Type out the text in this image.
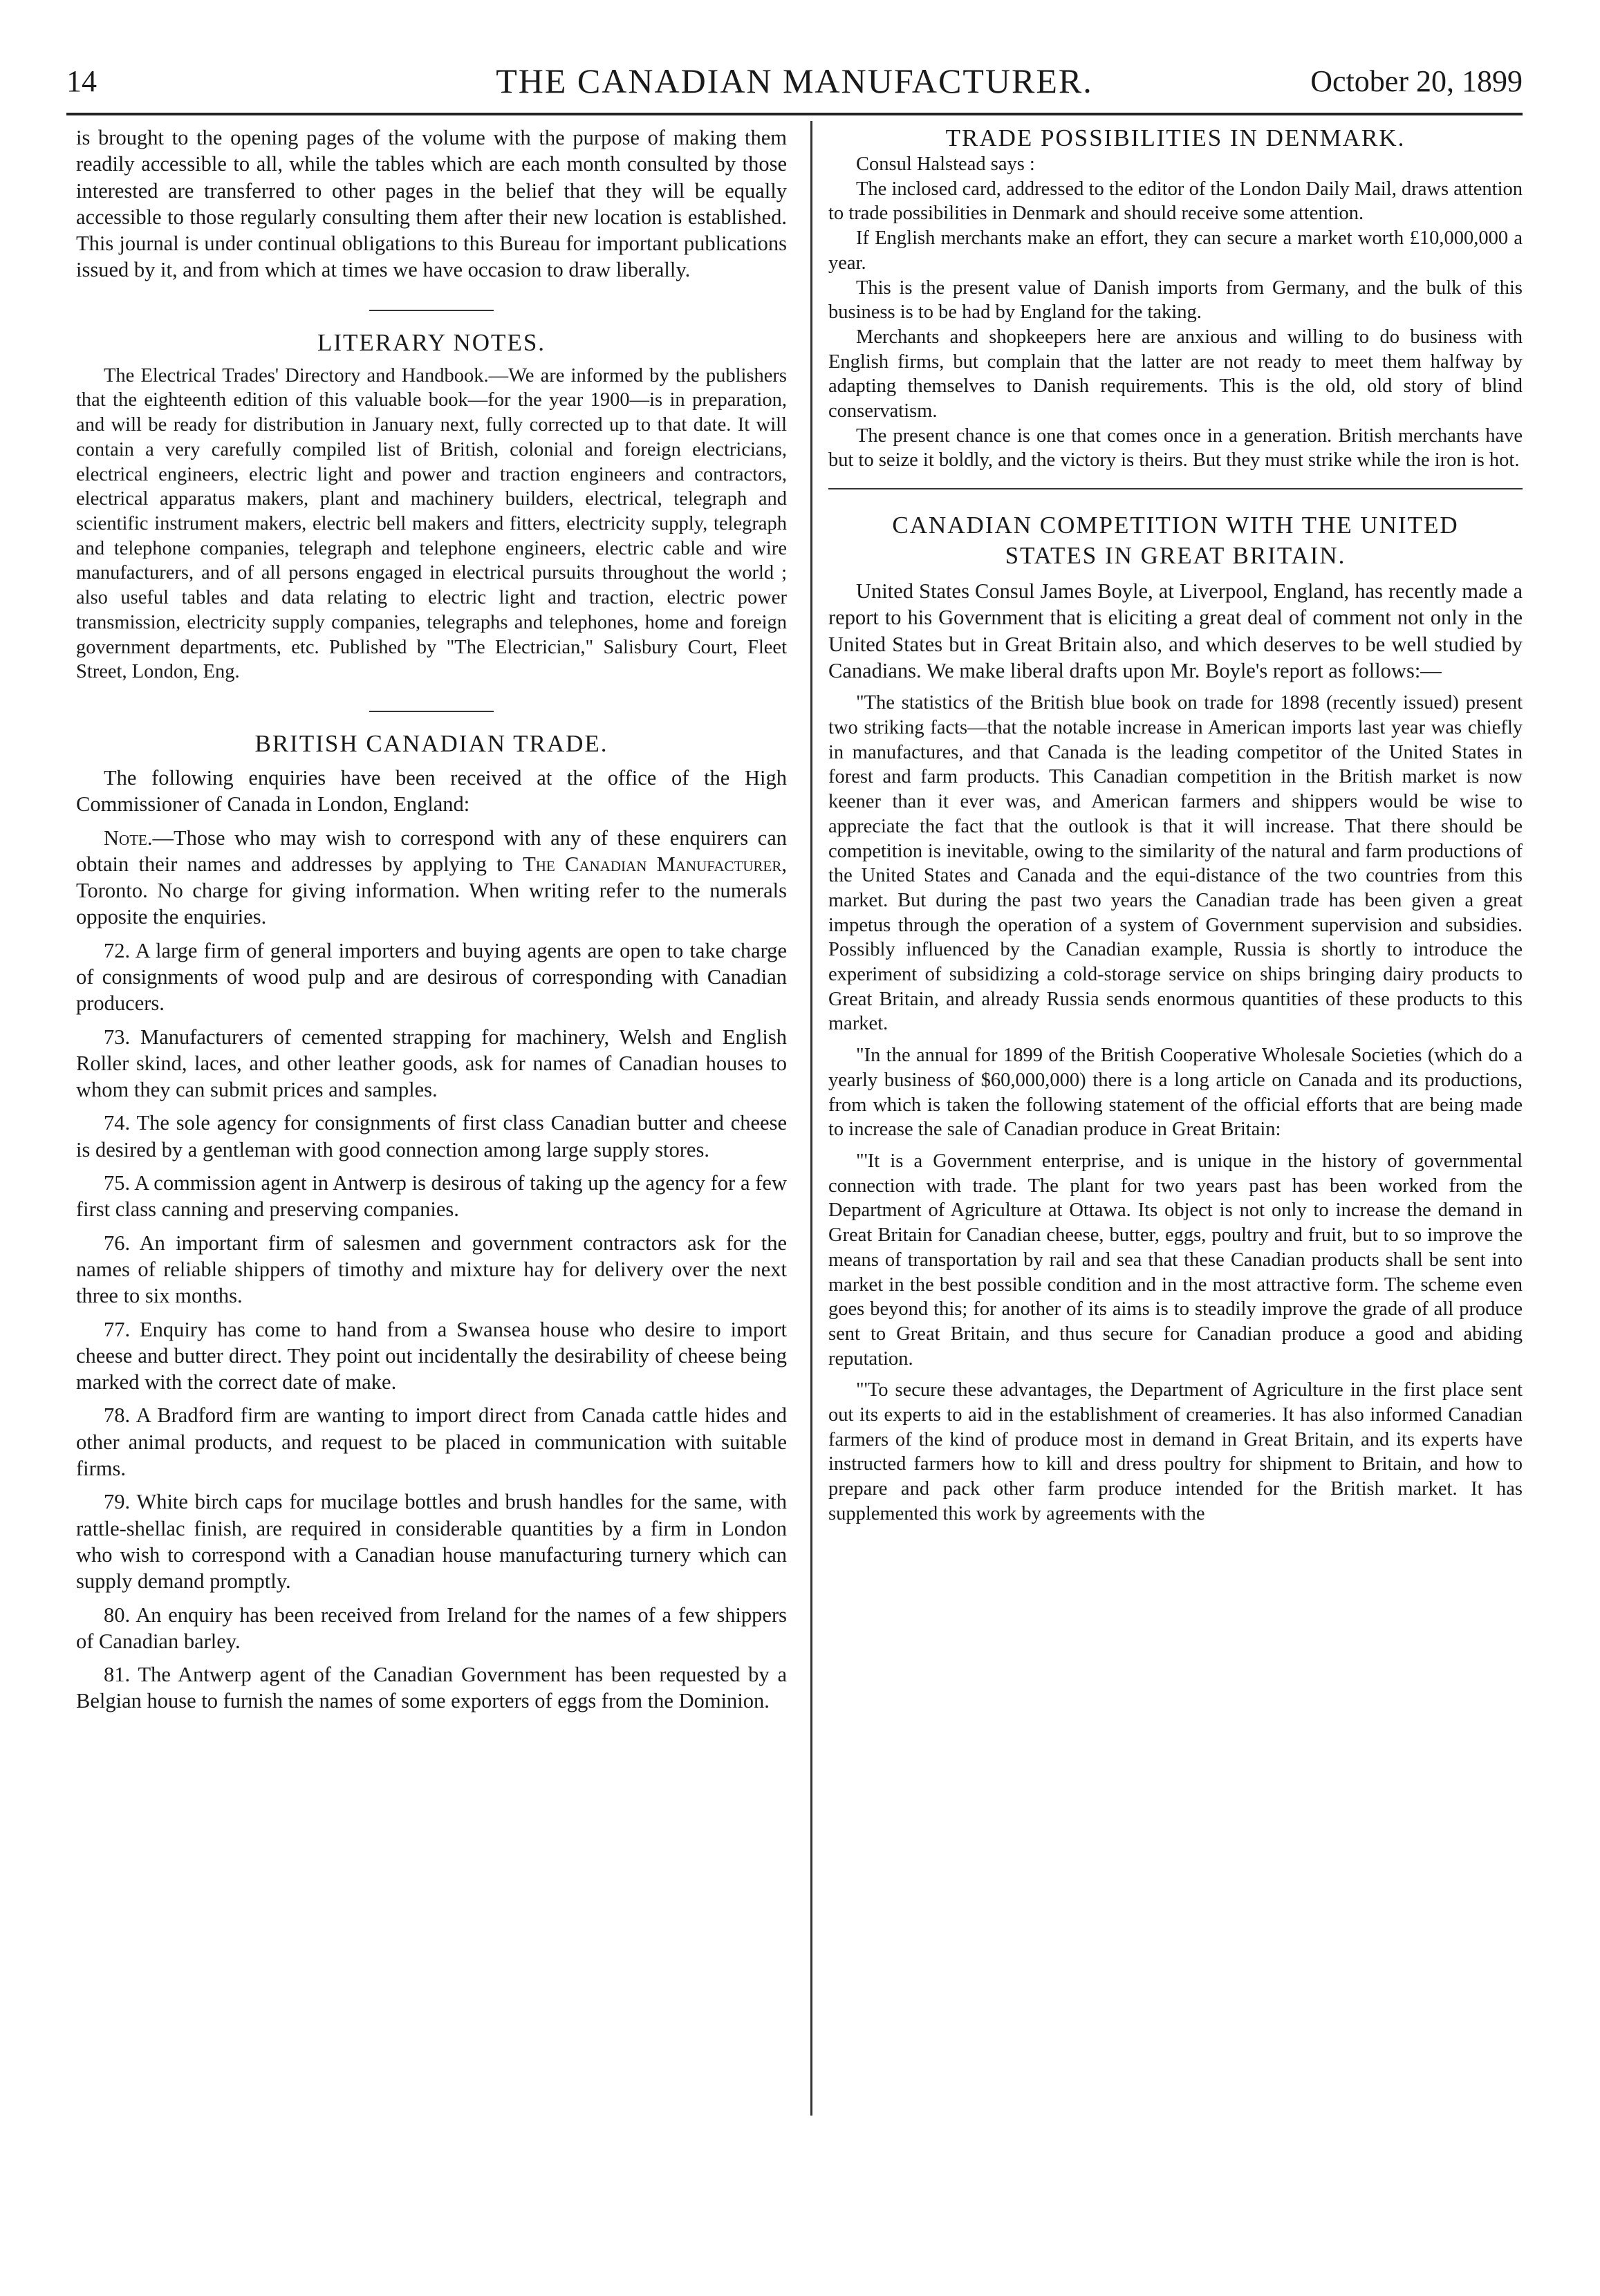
14	THE CANADIAN MANUFACTURER.	October 20, 1899

is brought to the opening pages of the volume with the purpose of making them readily accessible to all, while the tables which are each month consulted by those interested are transferred to other pages in the belief that they will be equally accessible to those regularly consulting them after their new location is established. This journal is under continual obligations to this Bureau for important publications issued by it, and from which at times we have occasion to draw liberally.

LITERARY NOTES.

The Electrical Trades' Directory and Handbook.—We are informed by the publishers that the eighteenth edition of this valuable book—for the year 1900—is in preparation, and will be ready for distribution in January next, fully corrected up to that date. It will contain a very carefully compiled list of British, colonial and foreign electricians, electrical engineers, electric light and power and traction engineers and contractors, electrical apparatus makers, plant and machinery builders, electrical, telegraph and scientific instrument makers, electric bell makers and fitters, electricity supply, telegraph and telephone companies, telegraph and telephone engineers, electric cable and wire manufacturers, and of all persons engaged in electrical pursuits throughout the world ; also useful tables and data relating to electric light and traction, electric power transmission, electricity supply companies, telegraphs and telephones, home and foreign government departments, etc. Published by "The Electrician," Salisbury Court, Fleet Street, London, Eng.

BRITISH CANADIAN TRADE.

The following enquiries have been received at the office of the High Commissioner of Canada in London, England:

Note.—Those who may wish to correspond with any of these enquirers can obtain their names and addresses by applying to The Canadian Manufacturer, Toronto. No charge for giving information. When writing refer to the numerals opposite the enquiries.

72. A large firm of general importers and buying agents are open to take charge of consignments of wood pulp and are desirous of corresponding with Canadian producers.

73. Manufacturers of cemented strapping for machinery, Welsh and English Roller skind, laces, and other leather goods, ask for names of Canadian houses to whom they can submit prices and samples.

74. The sole agency for consignments of first class Canadian butter and cheese is desired by a gentleman with good connection among large supply stores.

75. A commission agent in Antwerp is desirous of taking up the agency for a few first class canning and preserving companies.

76. An important firm of salesmen and government contractors ask for the names of reliable shippers of timothy and mixture hay for delivery over the next three to six months.

77. Enquiry has come to hand from a Swansea house who desire to import cheese and butter direct. They point out incidentally the desirability of cheese being marked with the correct date of make.

78. A Bradford firm are wanting to import direct from Canada cattle hides and other animal products, and request to be placed in communication with suitable firms.

79. White birch caps for mucilage bottles and brush handles for the same, with rattle-shellac finish, are required in considerable quantities by a firm in London who wish to correspond with a Canadian house manufacturing turnery which can supply demand promptly.

80. An enquiry has been received from Ireland for the names of a few shippers of Canadian barley.

81. The Antwerp agent of the Canadian Government has been requested by a Belgian house to furnish the names of some exporters of eggs from the Dominion.

TRADE POSSIBILITIES IN DENMARK.

Consul Halstead says :

The inclosed card, addressed to the editor of the London Daily Mail, draws attention to trade possibilities in Denmark and should receive some attention.

If English merchants make an effort, they can secure a market worth £10,000,000 a year.

This is the present value of Danish imports from Germany, and the bulk of this business is to be had by England for the taking.

Merchants and shopkeepers here are anxious and willing to do business with English firms, but complain that the latter are not ready to meet them halfway by adapting themselves to Danish requirements. This is the old, old story of blind conservatism.

The present chance is one that comes once in a generation. British merchants have but to seize it boldly, and the victory is theirs. But they must strike while the iron is hot.

CANADIAN COMPETITION WITH THE UNITED
STATES IN GREAT BRITAIN.

United States Consul James Boyle, at Liverpool, England, has recently made a report to his Government that is eliciting a great deal of comment not only in the United States but in Great Britain also, and which deserves to be well studied by Canadians. We make liberal drafts upon Mr. Boyle's report as follows:—

"The statistics of the British blue book on trade for 1898 (recently issued) present two striking facts—that the notable increase in American imports last year was chiefly in manufactures, and that Canada is the leading competitor of the United States in forest and farm products. This Canadian competition in the British market is now keener than it ever was, and American farmers and shippers would be wise to appreciate the fact that the outlook is that it will increase. That there should be competition is inevitable, owing to the similarity of the natural and farm productions of the United States and Canada and the equi-distance of the two countries from this market. But during the past two years the Canadian trade has been given a great impetus through the operation of a system of Government supervision and subsidies. Possibly influenced by the Canadian example, Russia is shortly to introduce the experiment of subsidizing a cold-storage service on ships bringing dairy products to Great Britain, and already Russia sends enormous quantities of these products to this market.

"In the annual for 1899 of the British Cooperative Wholesale Societies (which do a yearly business of $60,000,000) there is a long article on Canada and its productions, from which is taken the following statement of the official efforts that are being made to increase the sale of Canadian produce in Great Britain:

"'It is a Government enterprise, and is unique in the history of governmental connection with trade. The plant for two years past has been worked from the Department of Agriculture at Ottawa. Its object is not only to increase the demand in Great Britain for Canadian cheese, butter, eggs, poultry and fruit, but to so improve the means of transportation by rail and sea that these Canadian products shall be sent into market in the best possible condition and in the most attractive form. The scheme even goes beyond this; for another of its aims is to steadily improve the grade of all produce sent to Great Britain, and thus secure for Canadian produce a good and abiding reputation.

"'To secure these advantages, the Department of Agriculture in the first place sent out its experts to aid in the establishment of creameries. It has also informed Canadian farmers of the kind of produce most in demand in Great Britain, and its experts have instructed farmers how to kill and dress poultry for shipment to Britain, and how to prepare and pack other farm produce intended for the British market. It has supplemented this work by agreements with the
